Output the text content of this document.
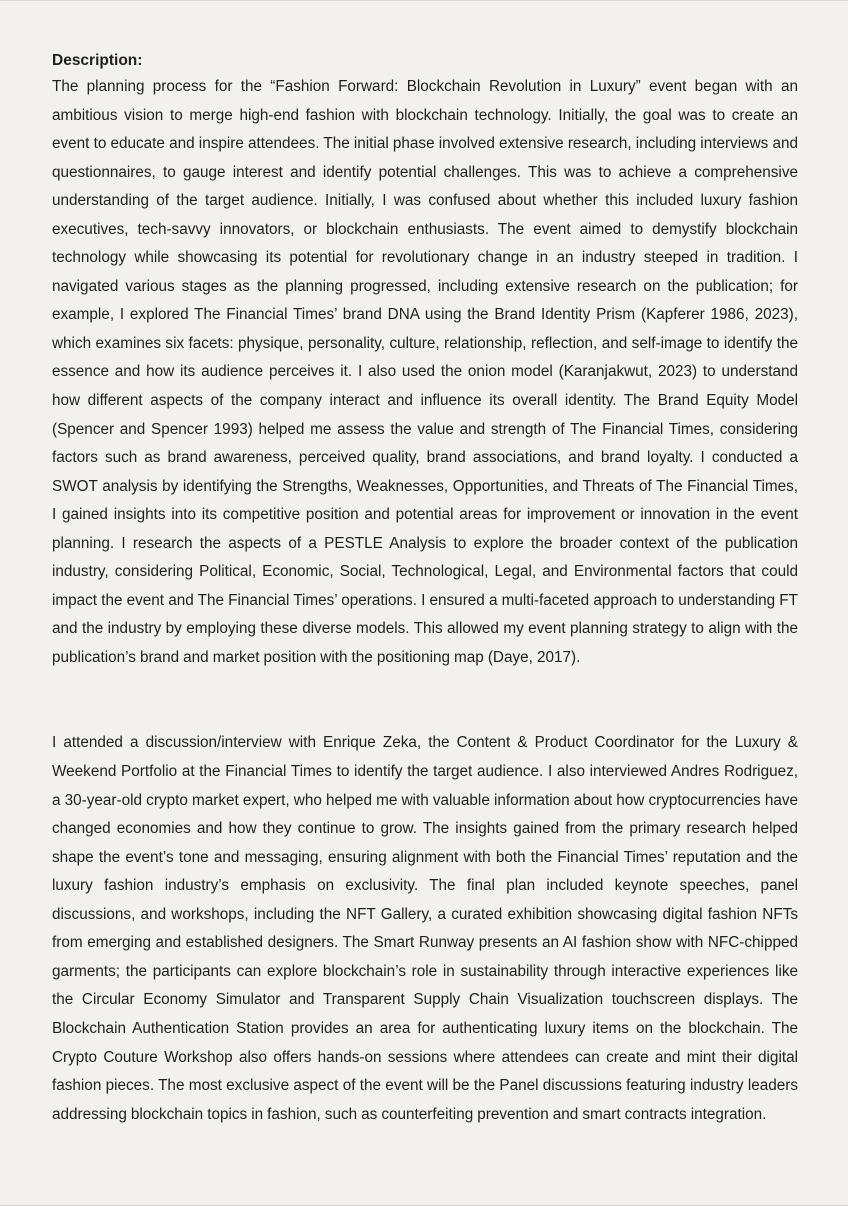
Description:

The planning process for the “Fashion Forward: Blockchain Revolution in Luxury” event began with an ambitious vision to merge high-end fashion with blockchain technology. Initially, the goal was to create an event to educate and inspire attendees. The initial phase involved extensive research, including interviews and questionnaires, to gauge interest and identify potential challenges. This was to achieve a comprehensive understanding of the target audience. Initially, I was confused about whether this included luxury fashion executives, tech-savvy innovators, or blockchain enthusiasts. The event aimed to demystify blockchain technology while showcasing its potential for revolutionary change in an industry steeped in tradition. I navigated various stages as the planning progressed, including extensive research on the publication; for example, I explored The Financial Times’ brand DNA using the Brand Identity Prism (Kapferer 1986, 2023), which examines six facets: physique, personality, culture, relationship, reflection, and self-image to identify the essence and how its audience perceives it. I also used the onion model (Karanjakwut, 2023) to understand how different aspects of the company interact and influence its overall identity. The Brand Equity Model (Spencer and Spencer 1993) helped me assess the value and strength of The Financial Times, considering factors such as brand awareness, perceived quality, brand associations, and brand loyalty. I conducted a SWOT analysis by identifying the Strengths, Weaknesses, Opportunities, and Threats of The Financial Times, I gained insights into its competitive position and potential areas for improvement or innovation in the event planning. I research the aspects of a PESTLE Analysis to explore the broader context of the publication industry, considering Political, Economic, Social, Technological, Legal, and Environmental factors that could impact the event and The Financial Times’ operations. I ensured a multi-faceted approach to understanding FT and the industry by employing these diverse models. This allowed my event planning strategy to align with the publication’s brand and market position with the positioning map (Daye, 2017).

I attended a discussion/interview with Enrique Zeka, the Content & Product Coordinator for the Luxury & Weekend Portfolio at the Financial Times to identify the target audience. I also interviewed Andres Rodriguez, a 30-year-old crypto market expert, who helped me with valuable information about how cryptocurrencies have changed economies and how they continue to grow. The insights gained from the primary research helped shape the event’s tone and messaging, ensuring alignment with both the Financial Times’ reputation and the luxury fashion industry’s emphasis on exclusivity. The final plan included keynote speeches, panel discussions, and workshops, including the NFT Gallery, a curated exhibition showcasing digital fashion NFTs from emerging and established designers. The Smart Runway presents an AI fashion show with NFC-chipped garments; the participants can explore blockchain’s role in sustainability through interactive experiences like the Circular Economy Simulator and Transparent Supply Chain Visualization touchscreen displays. The Blockchain Authentication Station provides an area for authenticating luxury items on the blockchain. The Crypto Couture Workshop also offers hands-on sessions where attendees can create and mint their digital fashion pieces. The most exclusive aspect of the event will be the Panel discussions featuring industry leaders addressing blockchain topics in fashion, such as counterfeiting prevention and smart contracts integration.
